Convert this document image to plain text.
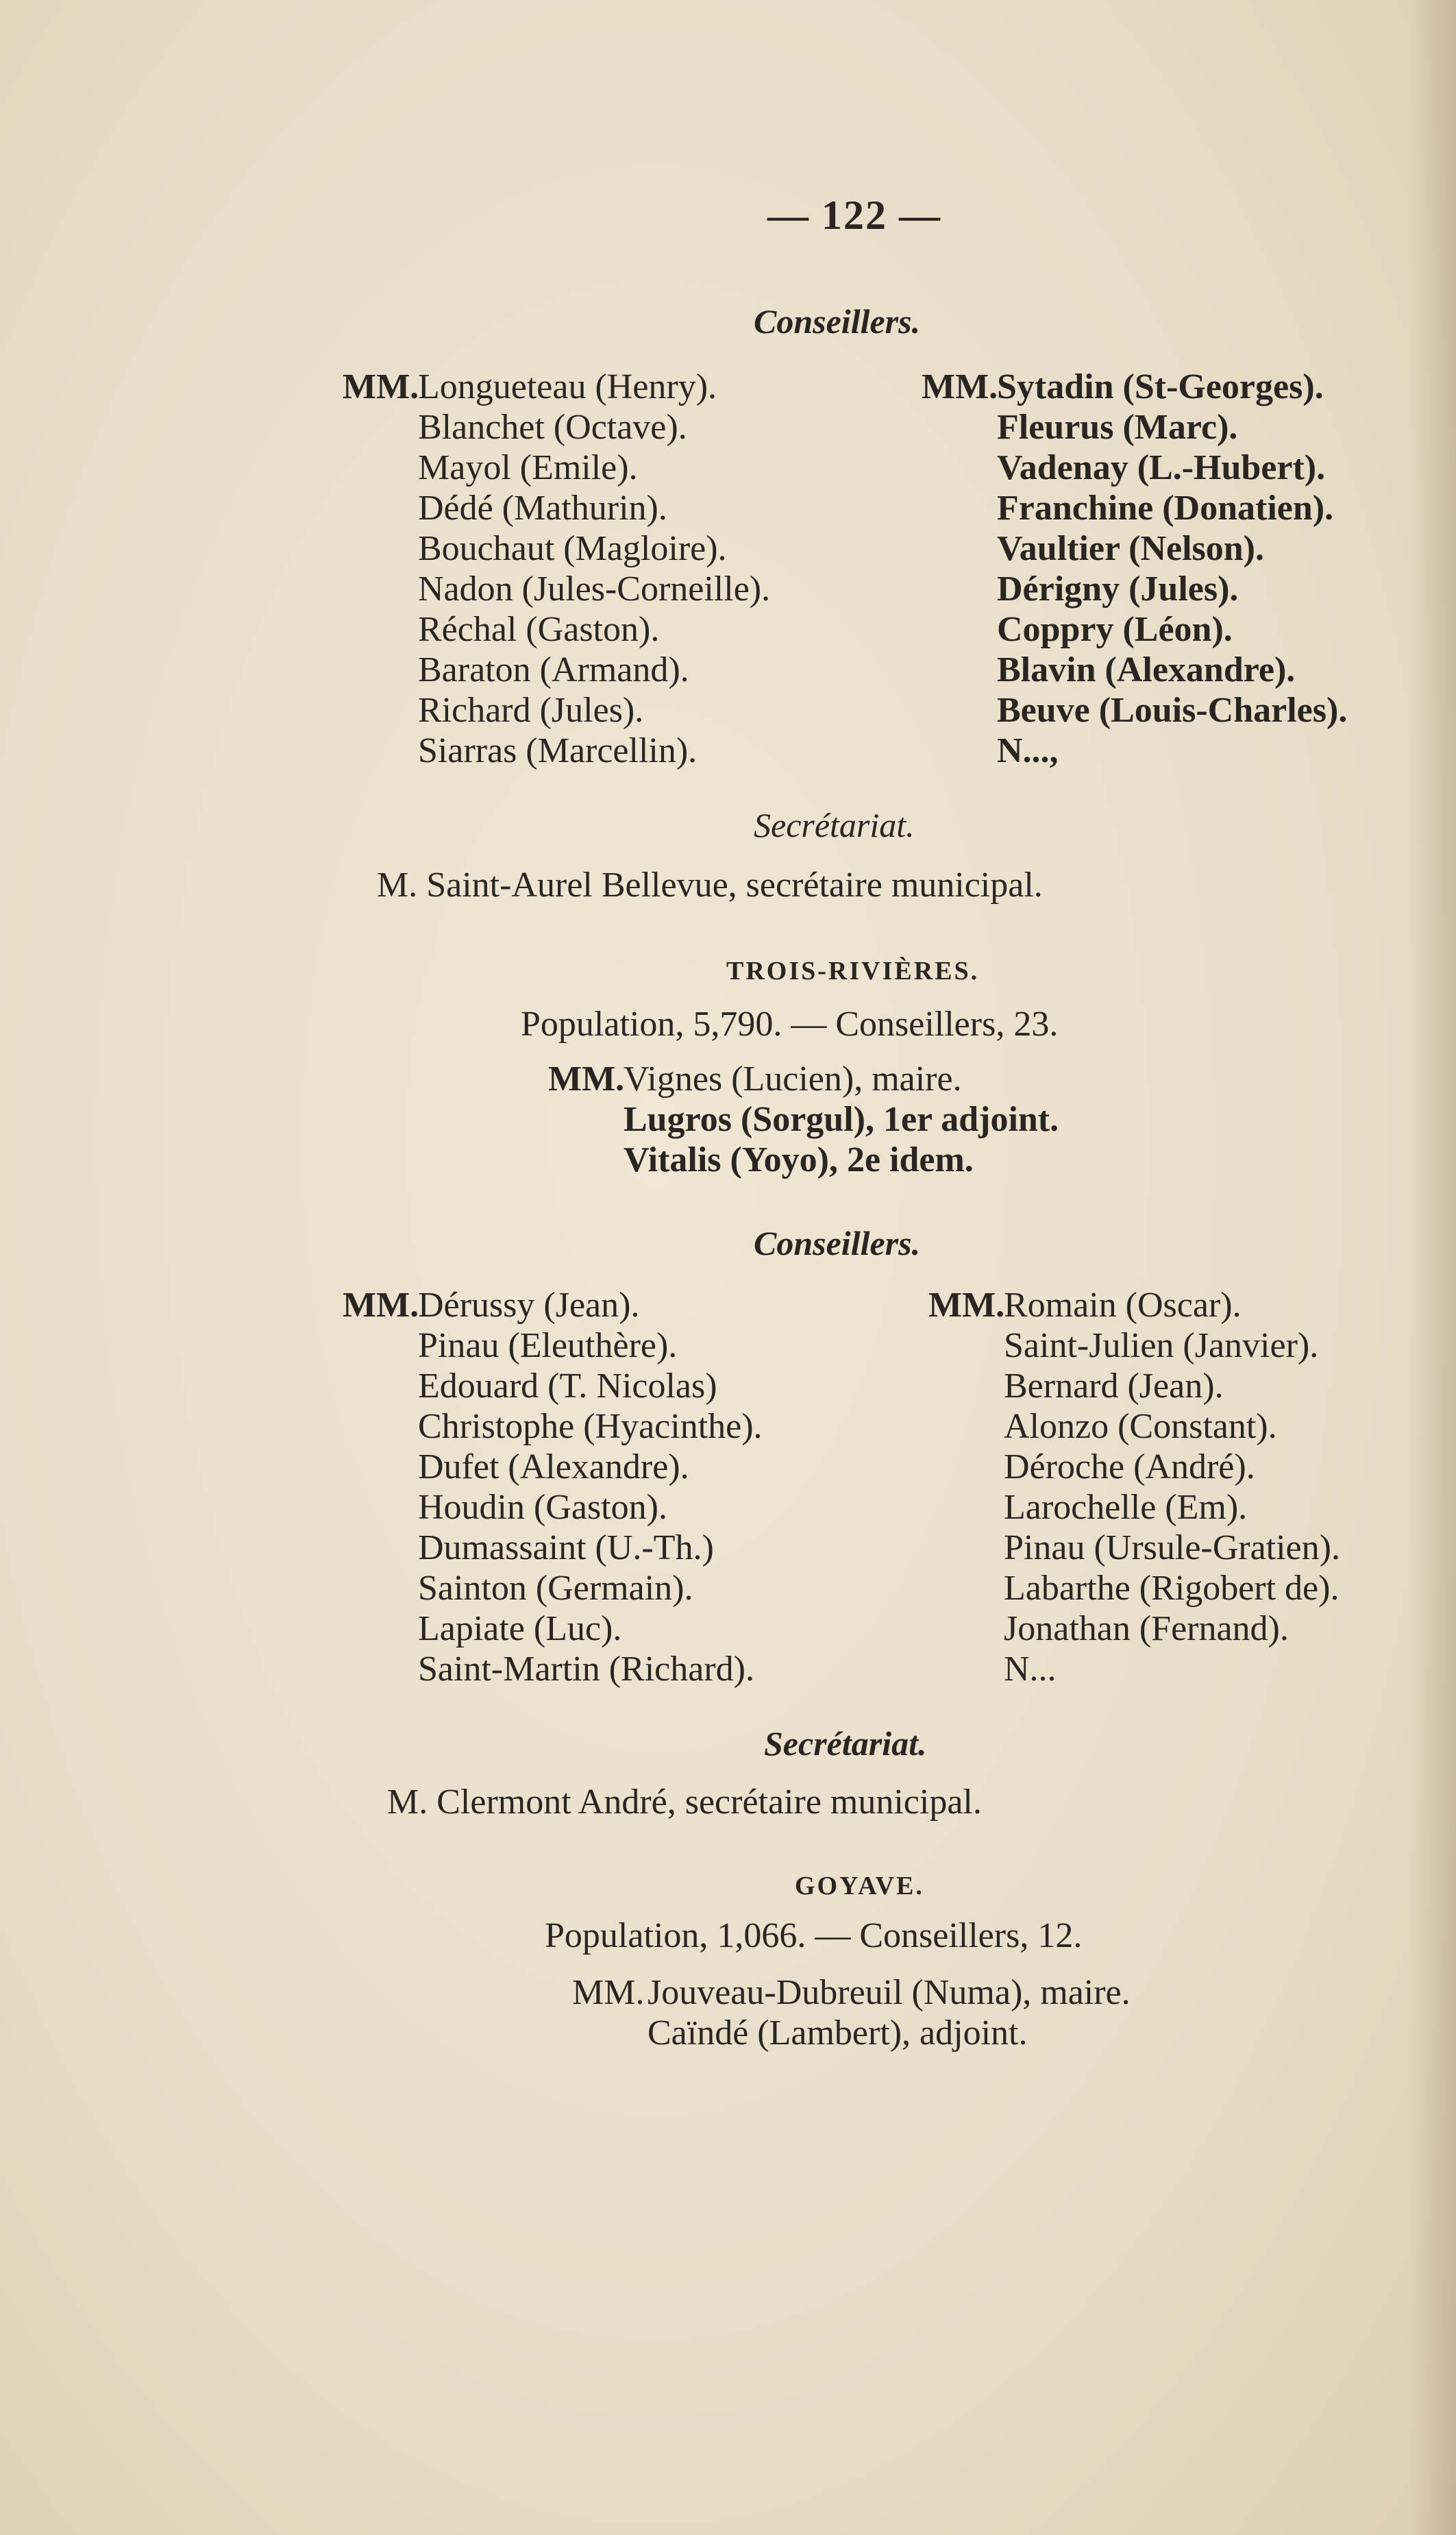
— 122 —
Conseillers.
MM.Longueteau (Henry).
Blanchet (Octave).
Mayol (Emile).
Dédé (Mathurin).
Bouchaut (Magloire).
Nadon (Jules-Corneille).
Réchal (Gaston).
Baraton (Armand).
Richard (Jules).
Siarras (Marcellin).
MM.Sytadin (St-Georges).
Fleurus (Marc).
Vadenay (L.-Hubert).
Franchine (Donatien).
Vaultier (Nelson).
Dérigny (Jules).
Coppry (Léon).
Blavin (Alexandre).
Beuve (Louis-Charles).
N...,
Secrétariat.
M. Saint-Aurel Bellevue, secrétaire municipal.
TROIS-RIVIÈRES.
Population, 5,790. — Conseillers, 23.
MM.Vignes (Lucien), maire.
Lugros (Sorgul), 1er adjoint.
Vitalis (Yoyo), 2e idem.
Conseillers.
MM.Dérussy (Jean).
Pinau (Eleuthère).
Edouard (T. Nicolas)
Christophe (Hyacinthe).
Dufet (Alexandre).
Houdin (Gaston).
Dumassaint (U.-Th.)
Sainton (Germain).
Lapiate (Luc).
Saint-Martin (Richard).
MM.Romain (Oscar).
Saint-Julien (Janvier).
Bernard (Jean).
Alonzo (Constant).
Déroche (André).
Larochelle (Em).
Pinau (Ursule-Gratien).
Labarthe (Rigobert de).
Jonathan (Fernand).
N...
Secrétariat.
M. Clermont André, secrétaire municipal.
GOYAVE.
Population, 1,066. — Conseillers, 12.
MM.Jouveau-Dubreuil (Numa), maire.
Caïndé (Lambert), adjoint.
